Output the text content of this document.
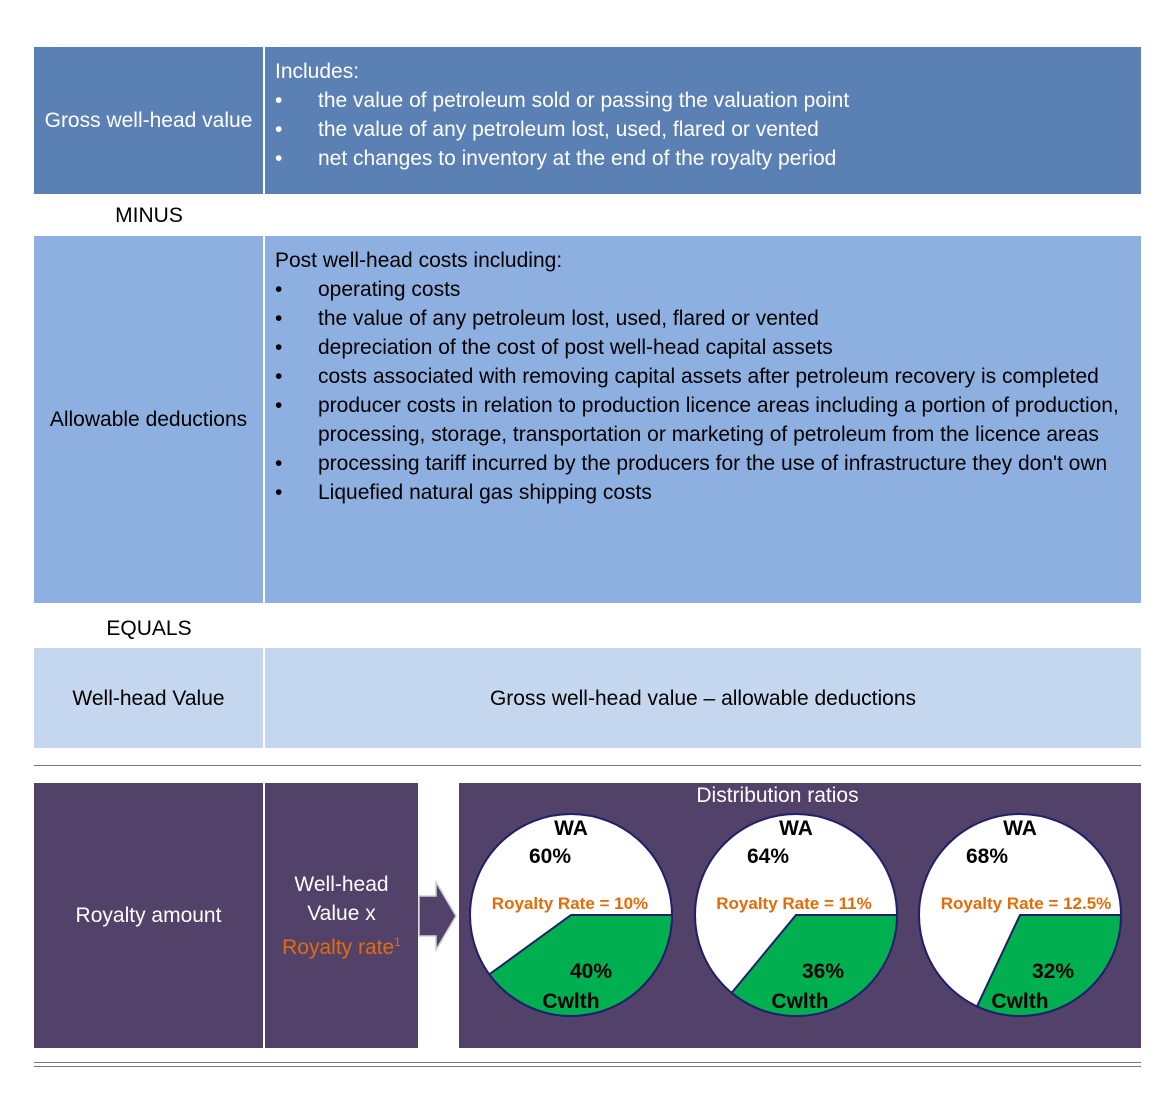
Gross well-head value
Includes:
• the value of petroleum sold or passing the valuation point
• the value of any petroleum lost, used, flared or vented
• net changes to inventory at the end of the royalty period
MINUS
Allowable deductions
Post well-head costs including:
• operating costs
• the value of any petroleum lost, used, flared or vented
• depreciation of the cost of post well-head capital assets
• costs associated with removing capital assets after petroleum recovery is completed
• producer costs in relation to production licence areas including a portion of production, processing, storage, transportation or marketing of petroleum from the licence areas
• processing tariff incurred by the producers for the use of infrastructure they don't own
• Liquefied natural gas shipping costs
EQUALS
Well-head Value	Gross well-head value – allowable deductions
Royalty amount
Well-head
Value x
Royalty rate$^1$
Distribution ratios
WA
60%
Royalty Rate = 10%
40%
Cwlth
WA
64%
Royalty Rate = 11%
36%
Cwlth
WA
68%
Royalty Rate = 12.5%
32%
Cwlth
